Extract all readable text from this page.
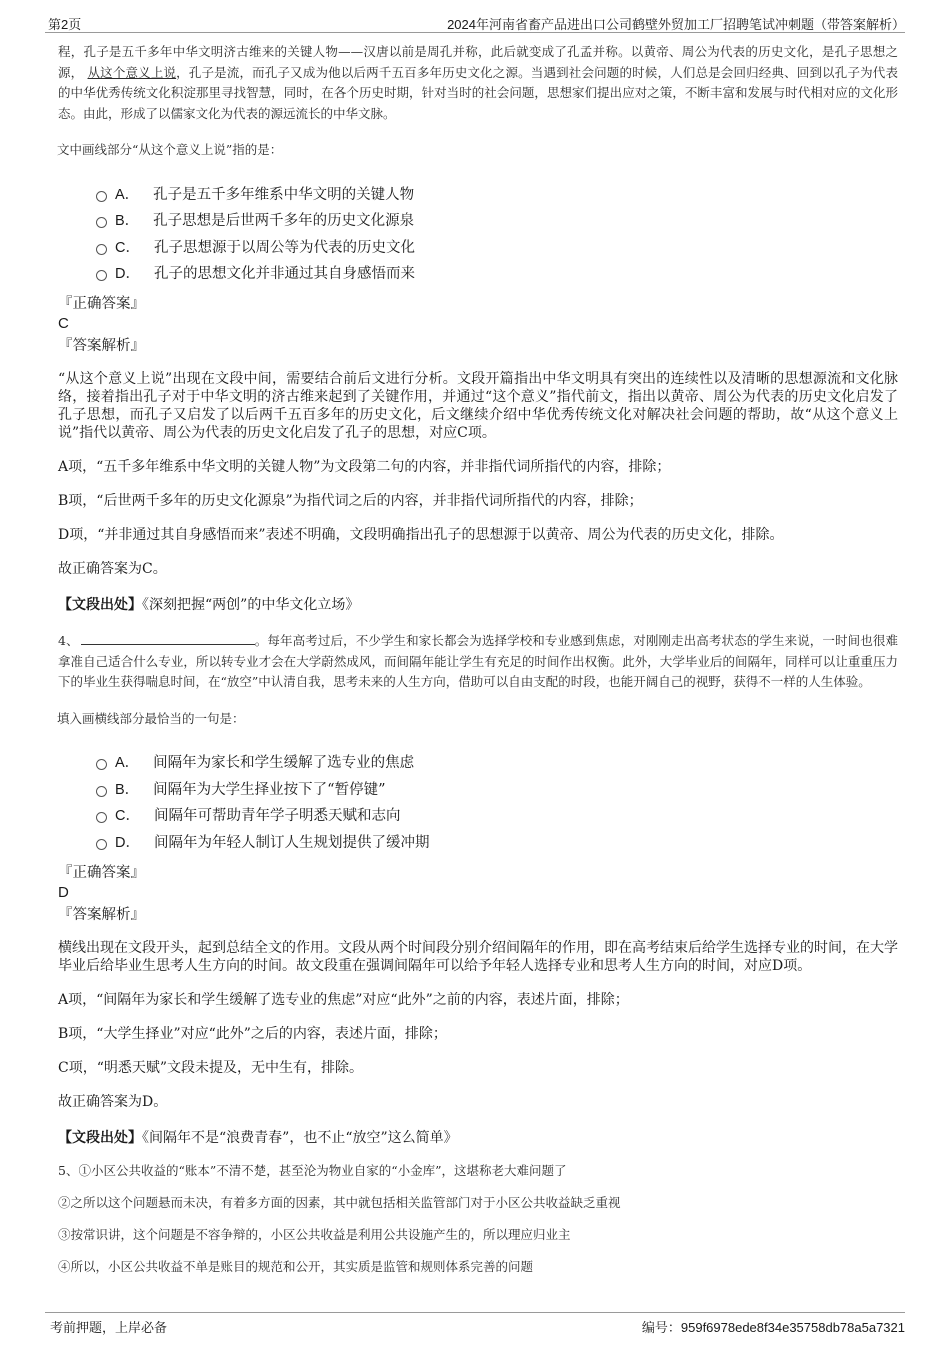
第2页	2024年河南省畜产品进出口公司鹤壁外贸加工厂招聘笔试冲刺题（带答案解析）

程，孔子是五千多年中华文明济古维来的关键人物——汉唐以前是周孔并称，此后就变成了孔孟并称。以黄帝、周公为代表的历史文化，是孔子思想之源， 从这个意义上说，孔子是流，而孔子又成为他以后两千五百多年历史文化之源。当遇到社会问题的时候，人们总是会回归经典、回到以孔子为代表的中华优秀传统文化积淀那里寻找智慧，同时，在各个历史时期，针对当时的社会问题，思想家们提出应对之策，不断丰富和发展与时代相对应的文化形态。由此，形成了以儒家文化为代表的源远流长的中华文脉。

文中画线部分“从这个意义上说”指的是：
A． 孔子是五千多年维系中华文明的关键人物
B． 孔子思想是后世两千多年的历史文化源泉
C． 孔子思想源于以周公等为代表的历史文化
D． 孔子的思想文化并非通过其自身感悟而来
『正确答案』
C
『答案解析』

“从这个意义上说”出现在文段中间，需要结合前后文进行分析。文段开篇指出中华文明具有突出的连续性以及清晰的思想源流和文化脉络，接着指出孔子对于中华文明的济古维来起到了关键作用，并通过“这个意义”指代前文，指出以黄帝、周公为代表的历史文化启发了孔子思想，而孔子又启发了以后两千五百多年的历史文化，后文继续介绍中华优秀传统文化对解决社会问题的帮助，故“从这个意义上说”指代以黄帝、周公为代表的历史文化启发了孔子的思想，对应C项。

A项，“五千多年维系中华文明的关键人物”为文段第二句的内容，并非指代词所指代的内容，排除；

B项，“后世两千多年的历史文化源泉”为指代词之后的内容，并非指代词所指代的内容，排除；

D项，“并非通过其自身感悟而来”表述不明确，文段明确指出孔子的思想源于以黄帝、周公为代表的历史文化，排除。

故正确答案为C。

【文段出处】《深刻把握“两创”的中华文化立场》

4、	。每年高考过后，不少学生和家长都会为选择学校和专业感到焦虑，对刚刚走出高考状态的学生来说，一时间也很难拿准自己适合什么专业，所以转专业才会在大学蔚然成风，而间隔年能让学生有充足的时间作出权衡。此外，大学毕业后的间隔年，同样可以让重重压力下的毕业生获得喘息时间，在“放空”中认清自我，思考未来的人生方向，借助可以自由支配的时段，也能开阔自己的视野，获得不一样的人生体验。

填入画横线部分最恰当的一句是：
A． 间隔年为家长和学生缓解了选专业的焦虑
B． 间隔年为大学生择业按下了“暂停键”
C． 间隔年可帮助青年学子明悉天赋和志向
D． 间隔年为年轻人制订人生规划提供了缓冲期
『正确答案』
D
『答案解析』

横线出现在文段开头，起到总结全文的作用。文段从两个时间段分别介绍间隔年的作用，即在高考结束后给学生选择专业的时间，在大学毕业后给毕业生思考人生方向的时间。故文段重在强调间隔年可以给予年轻人选择专业和思考人生方向的时间，对应D项。

A项，“间隔年为家长和学生缓解了选专业的焦虑”对应“此外”之前的内容，表述片面，排除；

B项，“大学生择业”对应“此外”之后的内容，表述片面，排除；

C项，“明悉天赋”文段未提及，无中生有，排除。

故正确答案为D。

【文段出处】《间隔年不是“浪费青春”，也不止“放空”这么简单》

5、①小区公共收益的“账本”不清不楚，甚至沦为物业自家的“小金库”，这堪称老大难问题了

②之所以这个问题悬而未决，有着多方面的因素，其中就包括相关监管部门对于小区公共收益缺乏重视

③按常识讲，这个问题是不容争辩的，小区公共收益是利用公共设施产生的，所以理应归业主

④所以，小区公共收益不单是账目的规范和公开，其实质是监管和规则体系完善的问题

考前押题，上岸必备	编号：959f6978ede8f34e35758db78a5a7321
